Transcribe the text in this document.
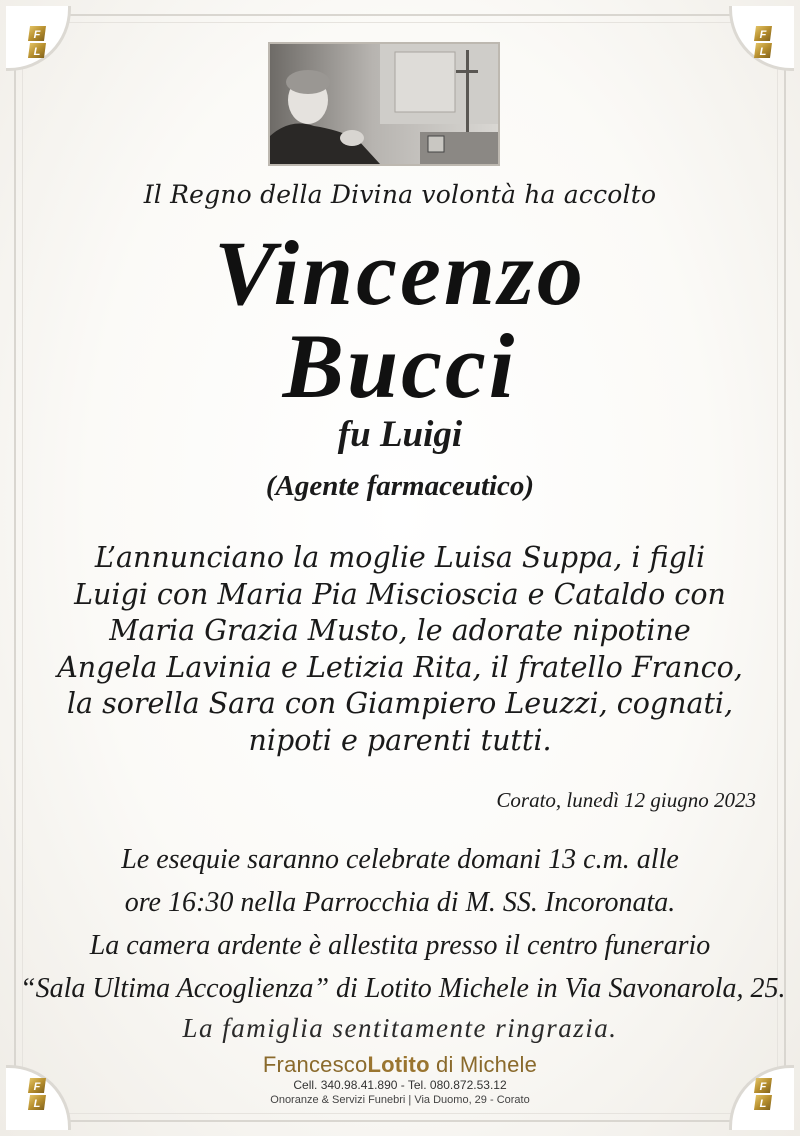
F
L
F
L
F
L
F
L
Il Regno della Divina volontà ha accolto
Vincenzo
Bucci
fu Luigi
(Agente farmaceutico)
L’annunciano la moglie Luisa Suppa, i figli
Luigi con Maria Pia Miscioscia e Cataldo con
Maria Grazia Musto, le adorate nipotine
Angela Lavinia e Letizia Rita, il fratello Franco,
la sorella Sara con Giampiero Leuzzi, cognati,
nipoti e parenti tutti.
Corato, lunedì 12 giugno 2023
Le esequie saranno celebrate domani 13 c.m. alle
ore 16:30 nella Parrocchia di M. SS. Incoronata.
La camera ardente è allestita presso il centro funerario
“Sala Ultima Accoglienza” di Lotito Michele in Via Savonarola, 25.
La famiglia sentitamente ringrazia.
FrancescoLotito di Michele
Cell. 340.98.41.890 - Tel. 080.872.53.12
Onoranze & Servizi Funebri | Via Duomo, 29 - Corato
